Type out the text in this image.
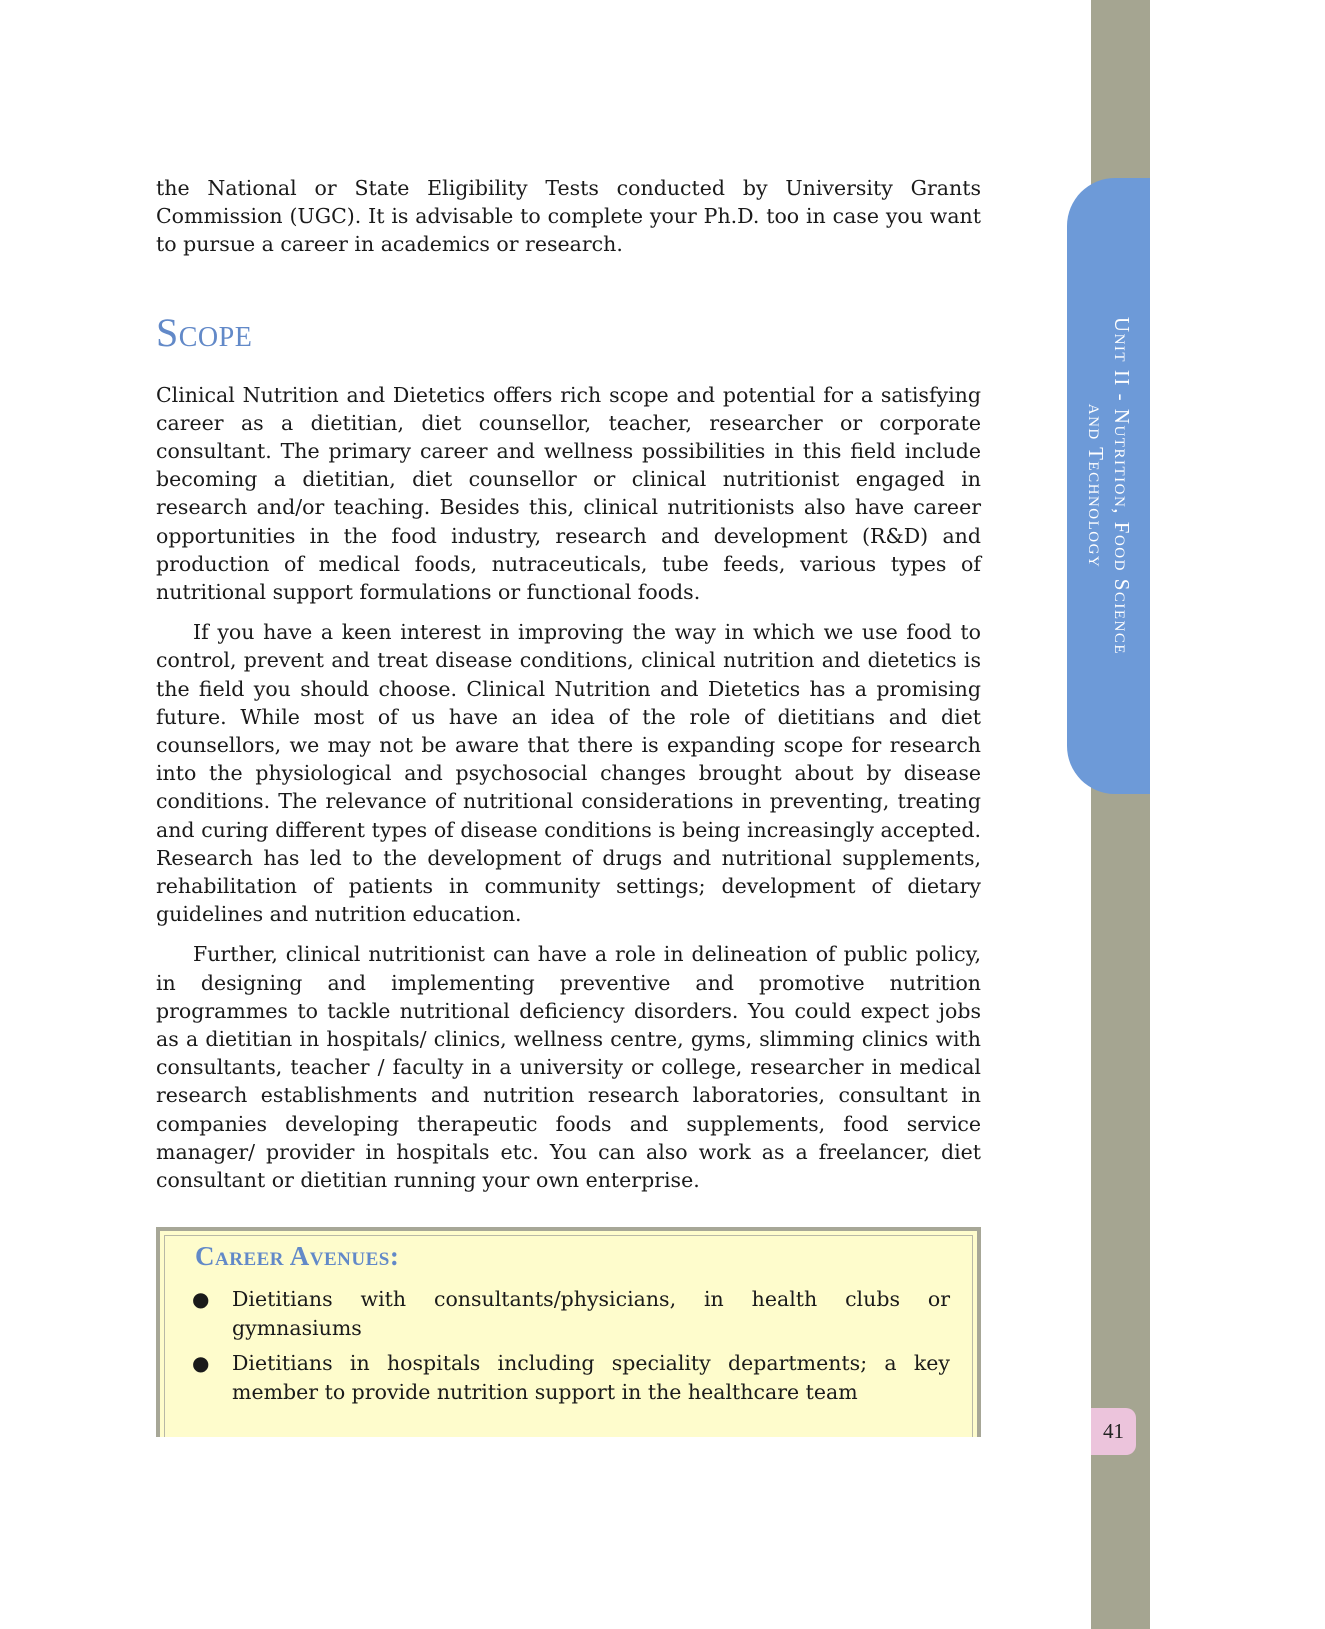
Unit II - Nutrition, Food Science
and Technology
41

the National or State Eligibility Tests conducted by University Grants Commission (UGC). It is advisable to complete your Ph.D. too in case you want to pursue a career in academics or research.

Scope

Clinical Nutrition and Dietetics offers rich scope and potential for a satisfying career as a dietitian, diet counsellor, teacher, researcher or corporate consultant. The primary career and wellness possibilities in this field include becoming a dietitian, diet counsellor or clinical nutritionist engaged in research and/or teaching. Besides this, clinical nutritionists also have career opportunities in the food industry, research and development (R&D) and production of medical foods, nutraceuticals, tube feeds, various types of nutritional support formulations or functional foods.

If you have a keen interest in improving the way in which we use food to control, prevent and treat disease conditions, clinical nutrition and dietetics is the field you should choose. Clinical Nutrition and Dietetics has a promising future. While most of us have an idea of the role of dietitians and diet counsellors, we may not be aware that there is expanding scope for research into the physiological and psychosocial changes brought about by disease conditions. The relevance of nutritional considerations in preventing, treating and curing different types of disease conditions is being increasingly accepted. Research has led to the development of drugs and nutritional supplements, rehabilitation of patients in community settings; development of dietary guidelines and nutrition education.

Further, clinical nutritionist can have a role in delineation of public policy, in designing and implementing preventive and promotive nutrition programmes to tackle nutritional deficiency disorders. You could expect jobs as a dietitian in hospitals/ clinics, wellness centre, gyms, slimming clinics with consultants, teacher / faculty in a university or college, researcher in medical research establishments and nutrition research laboratories, consultant in companies developing therapeutic foods and supplements, food service manager/ provider in hospitals etc. You can also work as a freelancer, diet consultant or dietitian running your own enterprise.

Career Avenues:
● Dietitians with consultants/physicians, in health clubs or gymnasiums
● Dietitians in hospitals including speciality departments; a key member to provide nutrition support in the healthcare team
